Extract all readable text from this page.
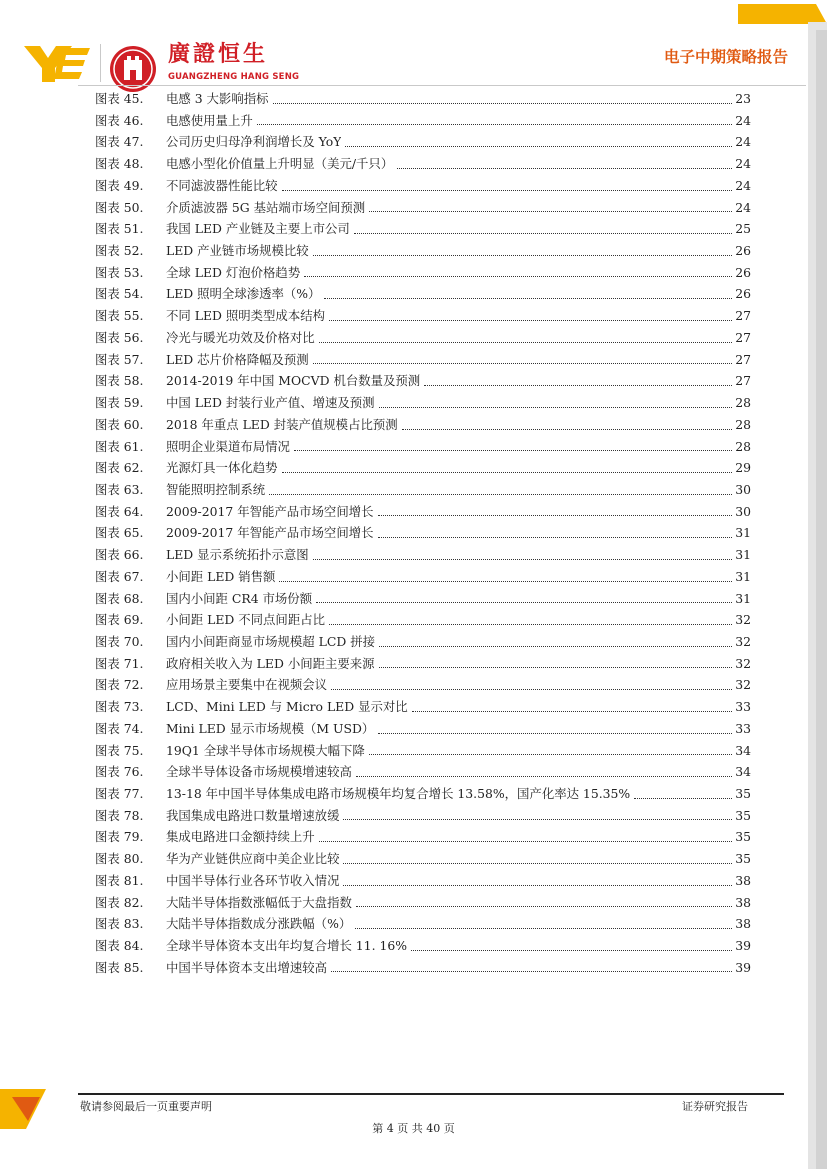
廣證恒生
GUANGZHENG HANG SENG
电子中期策略报告
图表 45.	电感 3 大影响指标	23
图表 46.	电感使用量上升	24
图表 47.	公司历史归母净利润增长及 YoY	24
图表 48.	电感小型化价值量上升明显（美元/千只）	24
图表 49.	不同滤波器性能比较	24
图表 50.	介质滤波器 5G 基站端市场空间预测	24
图表 51.	我国 LED 产业链及主要上市公司	25
图表 52.	LED 产业链市场规模比较	26
图表 53.	全球 LED 灯泡价格趋势	26
图表 54.	LED 照明全球渗透率（%）	26
图表 55.	不同 LED 照明类型成本结构	27
图表 56.	冷光与暖光功效及价格对比	27
图表 57.	LED 芯片价格降幅及预测	27
图表 58.	2014-2019 年中国 MOCVD 机台数量及预测	27
图表 59.	中国 LED 封装行业产值、增速及预测	28
图表 60.	2018 年重点 LED 封装产值规模占比预测	28
图表 61.	照明企业渠道布局情况	28
图表 62.	光源灯具一体化趋势	29
图表 63.	智能照明控制系统	30
图表 64.	2009-2017 年智能产品市场空间增长	30
图表 65.	2009-2017 年智能产品市场空间增长	31
图表 66.	LED 显示系统拓扑示意图	31
图表 67.	小间距 LED 销售额	31
图表 68.	国内小间距 CR4 市场份额	31
图表 69.	小间距 LED 不同点间距占比	32
图表 70.	国内小间距商显市场规模超 LCD 拼接	32
图表 71.	政府相关收入为 LED 小间距主要来源	32
图表 72.	应用场景主要集中在视频会议	32
图表 73.	LCD、Mini LED 与 Micro LED 显示对比	33
图表 74.	Mini LED 显示市场规模（M USD）	33
图表 75.	19Q1 全球半导体市场规模大幅下降	34
图表 76.	全球半导体设备市场规模增速较高	34
图表 77.	13-18 年中国半导体集成电路市场规模年均复合增长 13.58%，国产化率达 15.35%	35
图表 78.	我国集成电路进口数量增速放缓	35
图表 79.	集成电路进口金额持续上升	35
图表 80.	华为产业链供应商中美企业比较	35
图表 81.	中国半导体行业各环节收入情况	38
图表 82.	大陆半导体指数涨幅低于大盘指数	38
图表 83.	大陆半导体指数成分涨跌幅（%）	38
图表 84.	全球半导体资本支出年均复合增长 11. 16%	39
图表 85.	中国半导体资本支出增速较高	39
敬请参阅最后一页重要声明	证券研究报告
第 4 页 共 40 页
